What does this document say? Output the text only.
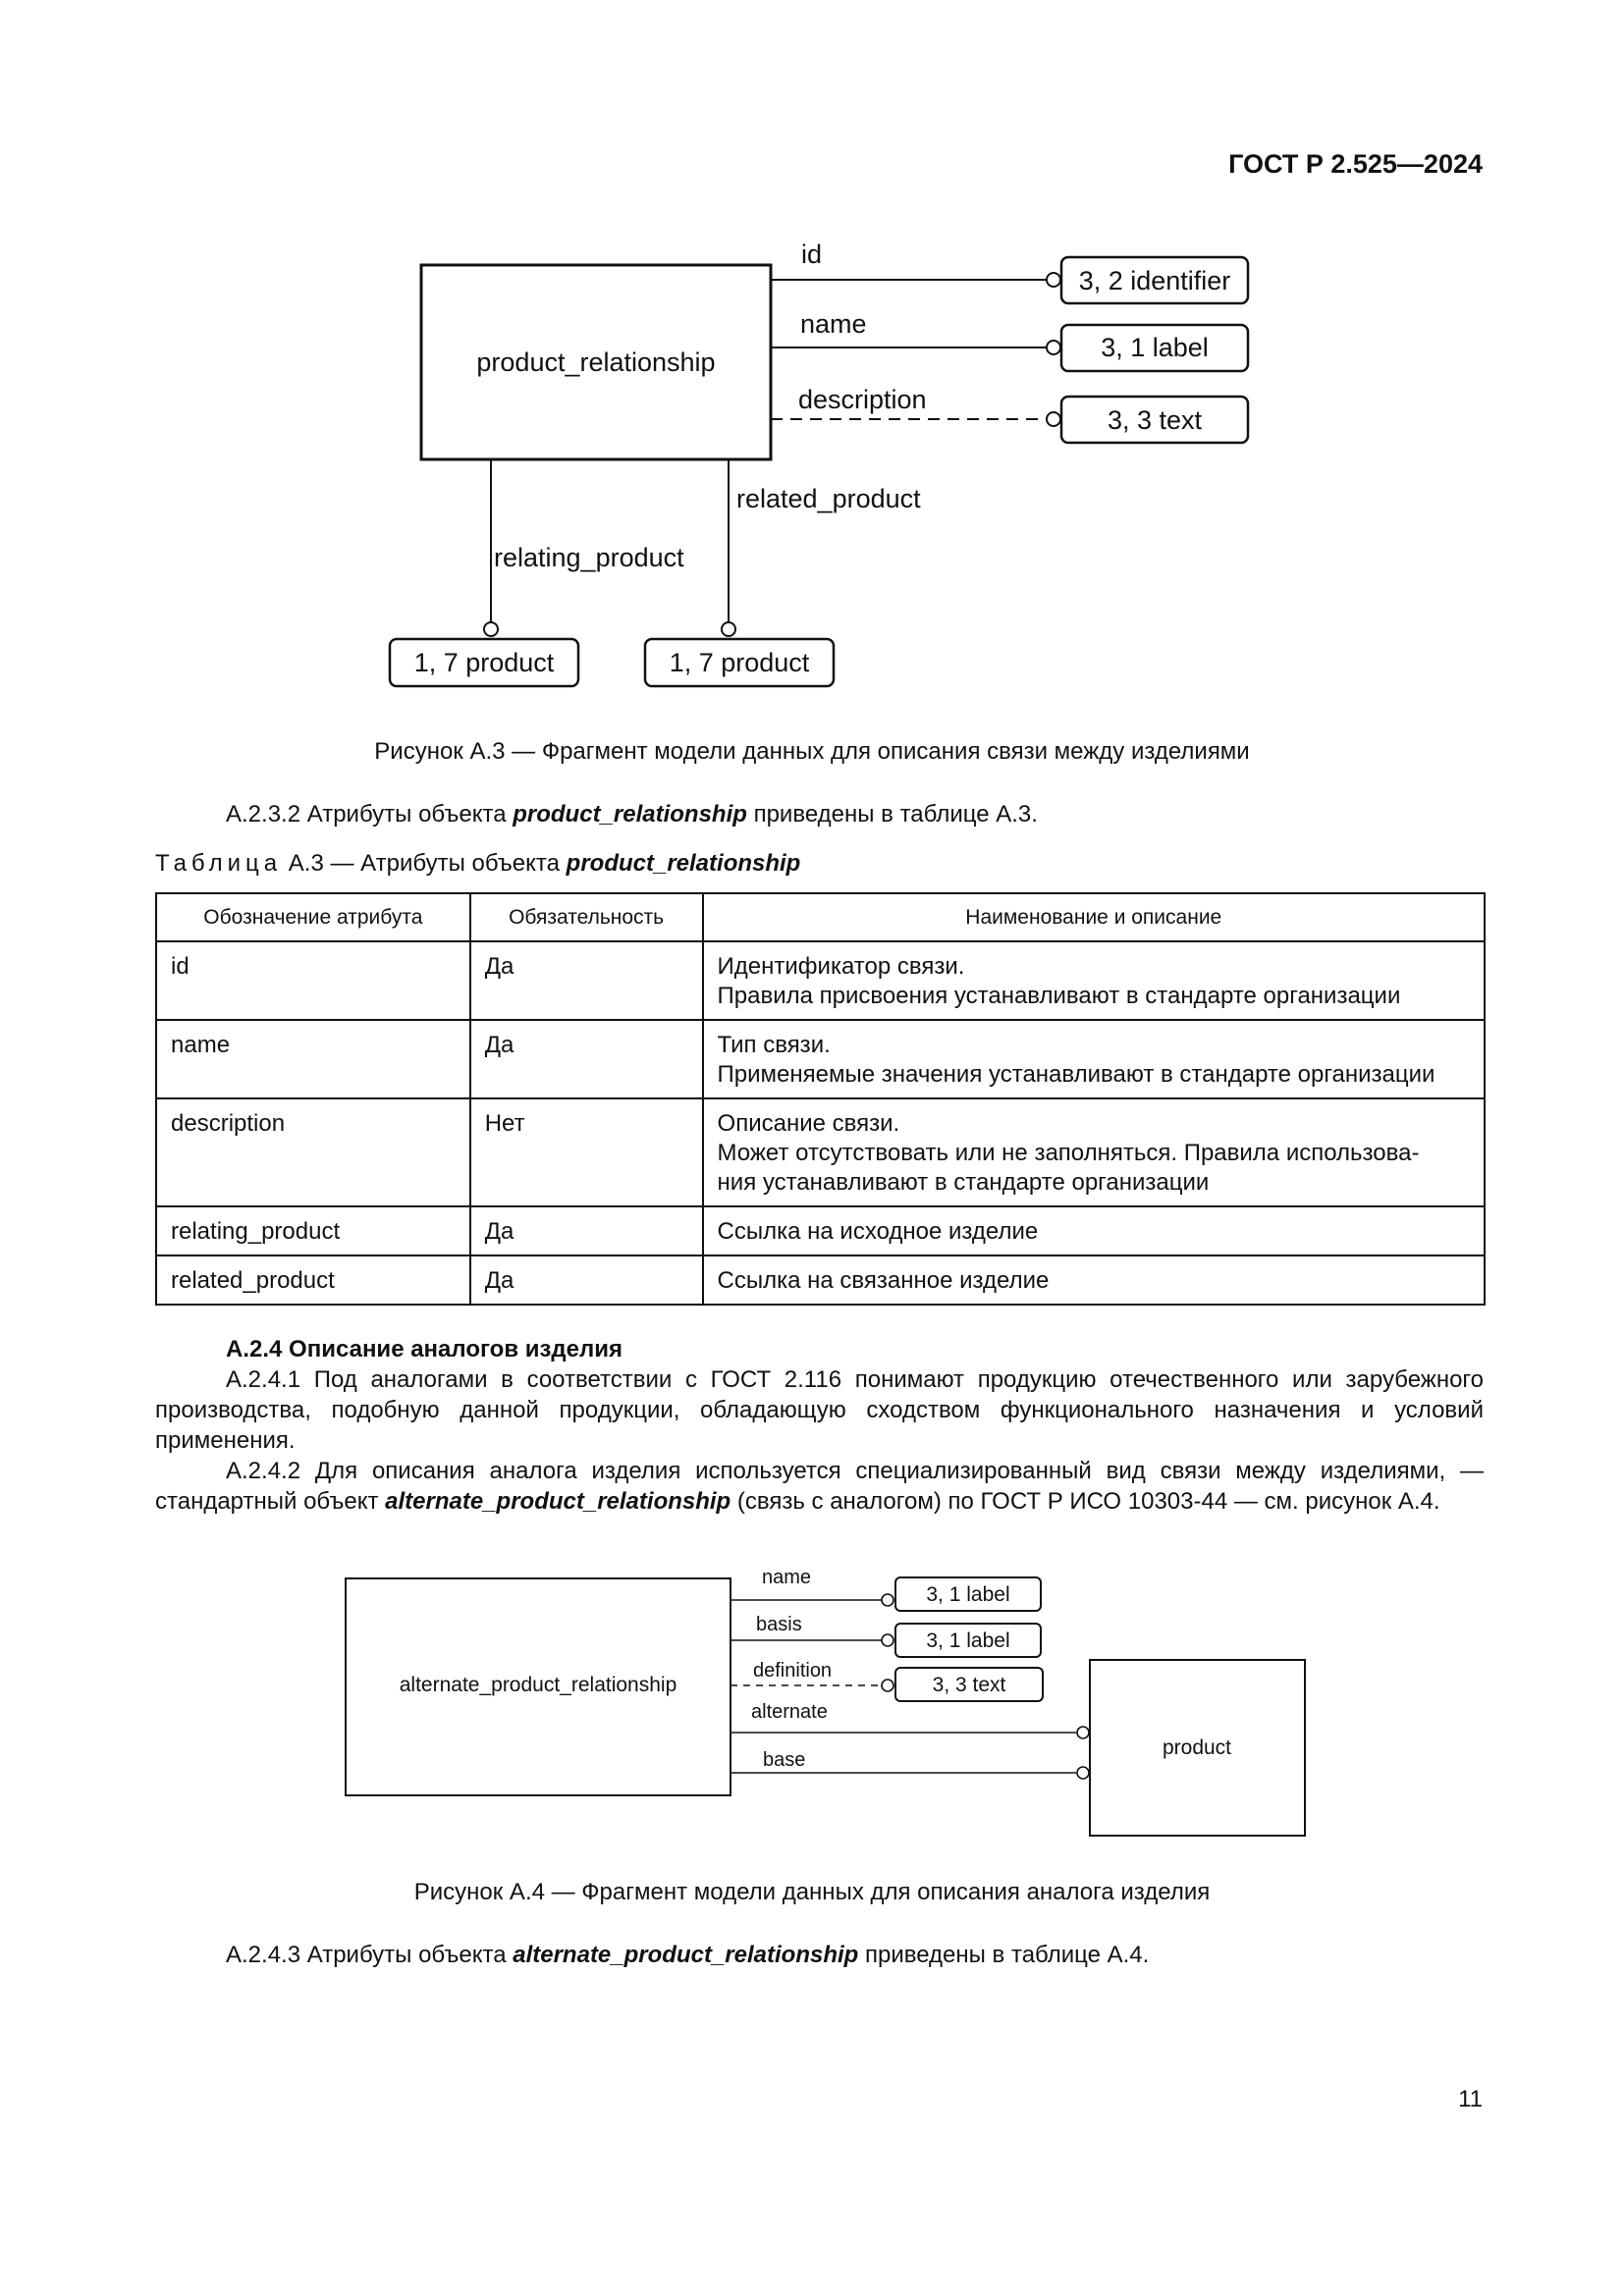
ГОСТ Р 2.525—2024
product_relationship
id
3, 2 identifier
name
3, 1 label
description
3, 3 text
relating_product
1, 7 product
related_product
1, 7 product
Рисунок А.3 — Фрагмент модели данных для описания связи между изделиями
А.2.3.2 Атрибуты объекта product_relationship приведены в таблице А.3.
Таблица А.3 — Атрибуты объекта product_relationship
Обозначение атрибута	Обязательность	Наименование и описание
id	Да	Идентификатор связи.
Правила присвоения устанавливают в стандарте организации

name	Да	Тип связи.
Применяемые значения устанавливают в стандарте организации

description	Нет	Описание связи.
Может отсутствовать или не заполняться. Правила использова-
ния устанавливают в стандарте организации

relating_product	Да	Ссылка на исходное изделие

related_product	Да	Ссылка на связанное изделие
А.2.4 Описание аналогов изделия

А.2.4.1 Под аналогами в соответствии с ГОСТ 2.116 понимают продукцию отечественного или зарубежного производства, подобную данной продукции, обладающую сходством функционального назначения и условий применения.

А.2.4.2 Для описания аналога изделия используется специализированный вид связи между изделиями, — стандартный объект alternate_product_relationship (связь с аналогом) по ГОСТ Р ИСО 10303-44 — см. рисунок А.4.

alternate_product_relationship
product
name
3, 1 label
basis
3, 1 label
definition
3, 3 text
alternate
base
Рисунок А.4 — Фрагмент модели данных для описания аналога изделия
А.2.4.3 Атрибуты объекта alternate_product_relationship приведены в таблице А.4.
11
